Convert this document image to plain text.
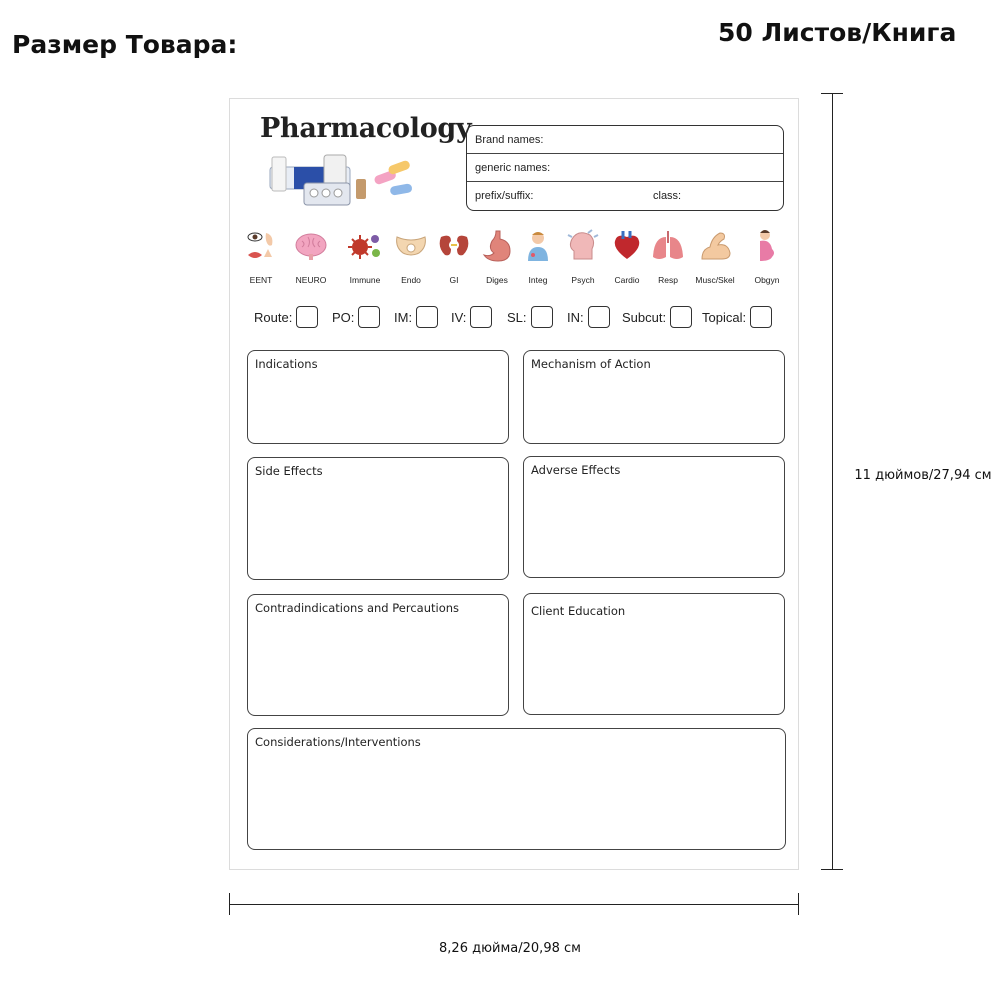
Размер Товара:	50 Листов/Книга
Pharmacology Brand names:
generic names:
prefix/suffix:	class:
EENT	NEURO	Immune	Endo	GI	Diges	Integ	Psych	Cardio	Resp	Musc/Skel	Obgyn
Route:	PO:	IM:	IV:	SL:	IN:	Subcut:	Topical:
Indications	Mechanism of Action
Side Effects	Adverse Effects
Contradindications and Percautions	Client Education
Considerations/Interventions
11 дюймов/27,94 см
8,26 дюйма/20,98 см
